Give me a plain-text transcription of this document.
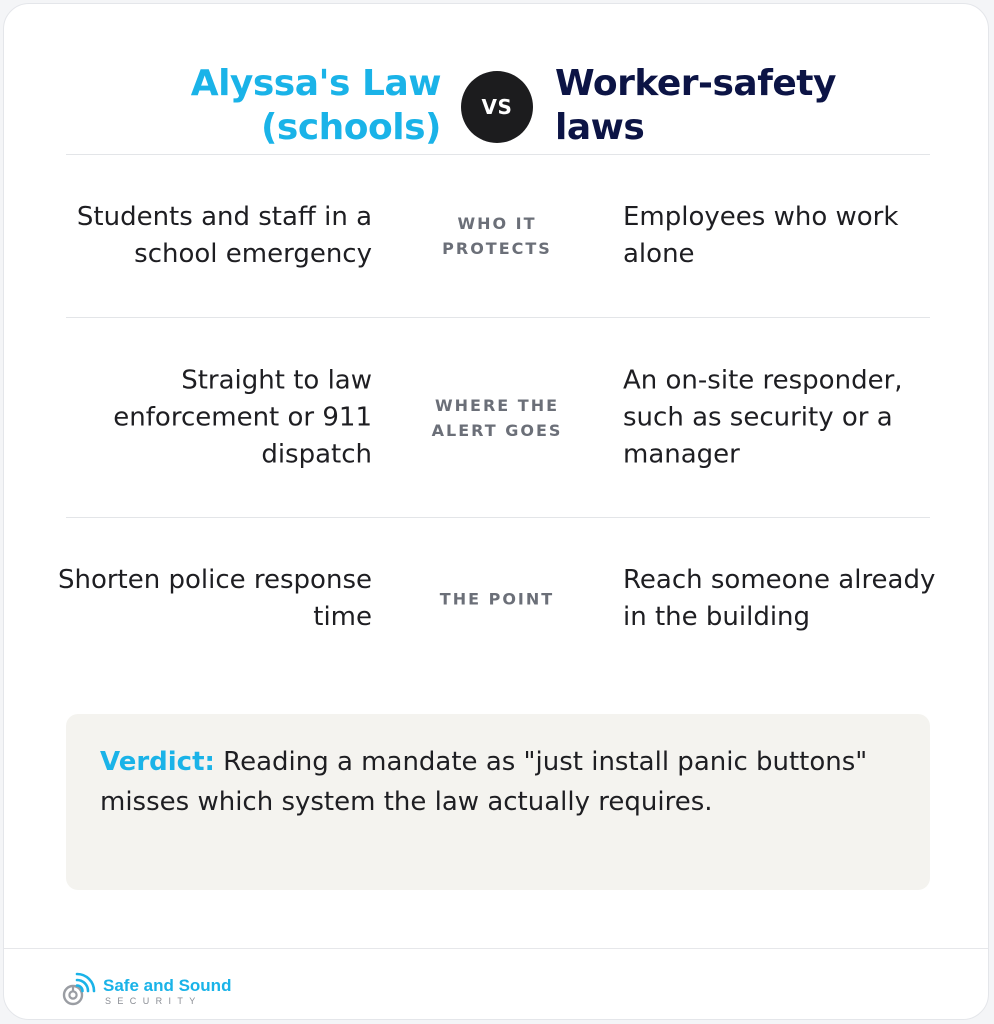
Alyssa's Law
(schools)	VS
Worker-safety
laws
Students and staff in a school emergency
WHO IT PROTECTS
Employees who work alone
Straight to law enforcement or 911 dispatch
WHERE THE ALERT GOES
An on-site responder, such as security or a manager
Shorten police response time
THE POINT
Reach someone already in the building

Verdict: Reading a mandate as "just install panic buttons" misses which system the law actually requires.

Safe and Sound
SECURITY
